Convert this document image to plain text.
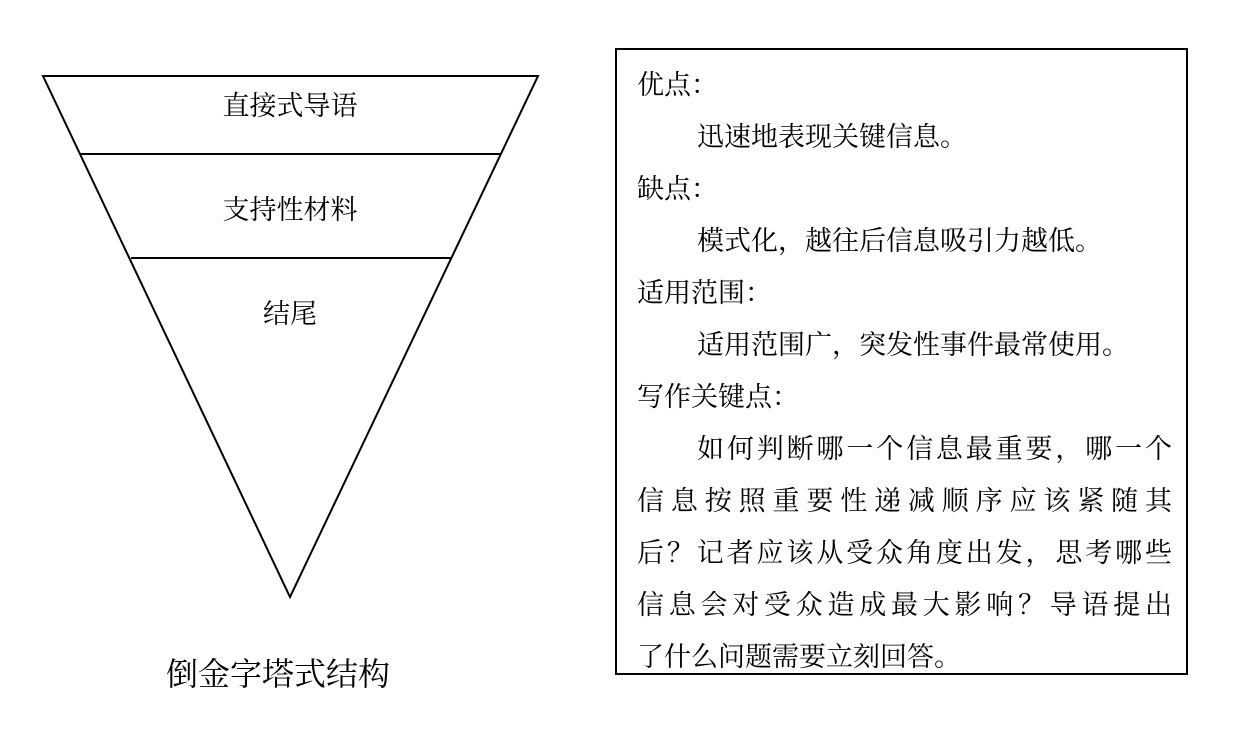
直接式导语
支持性材料
结尾
倒金字塔式结构
优点：
迅速地表现关键信息。
缺点：
模式化，越往后信息吸引力越低。
适用范围：
适用范围广，突发性事件最常使用。
写作关键点：
如何判断哪一个信息最重要，哪一个
信息按照重要性递减顺序应该紧随其
后？记者应该从受众角度出发，思考哪些
信息会对受众造成最大影响？导语提出
了什么问题需要立刻回答。
